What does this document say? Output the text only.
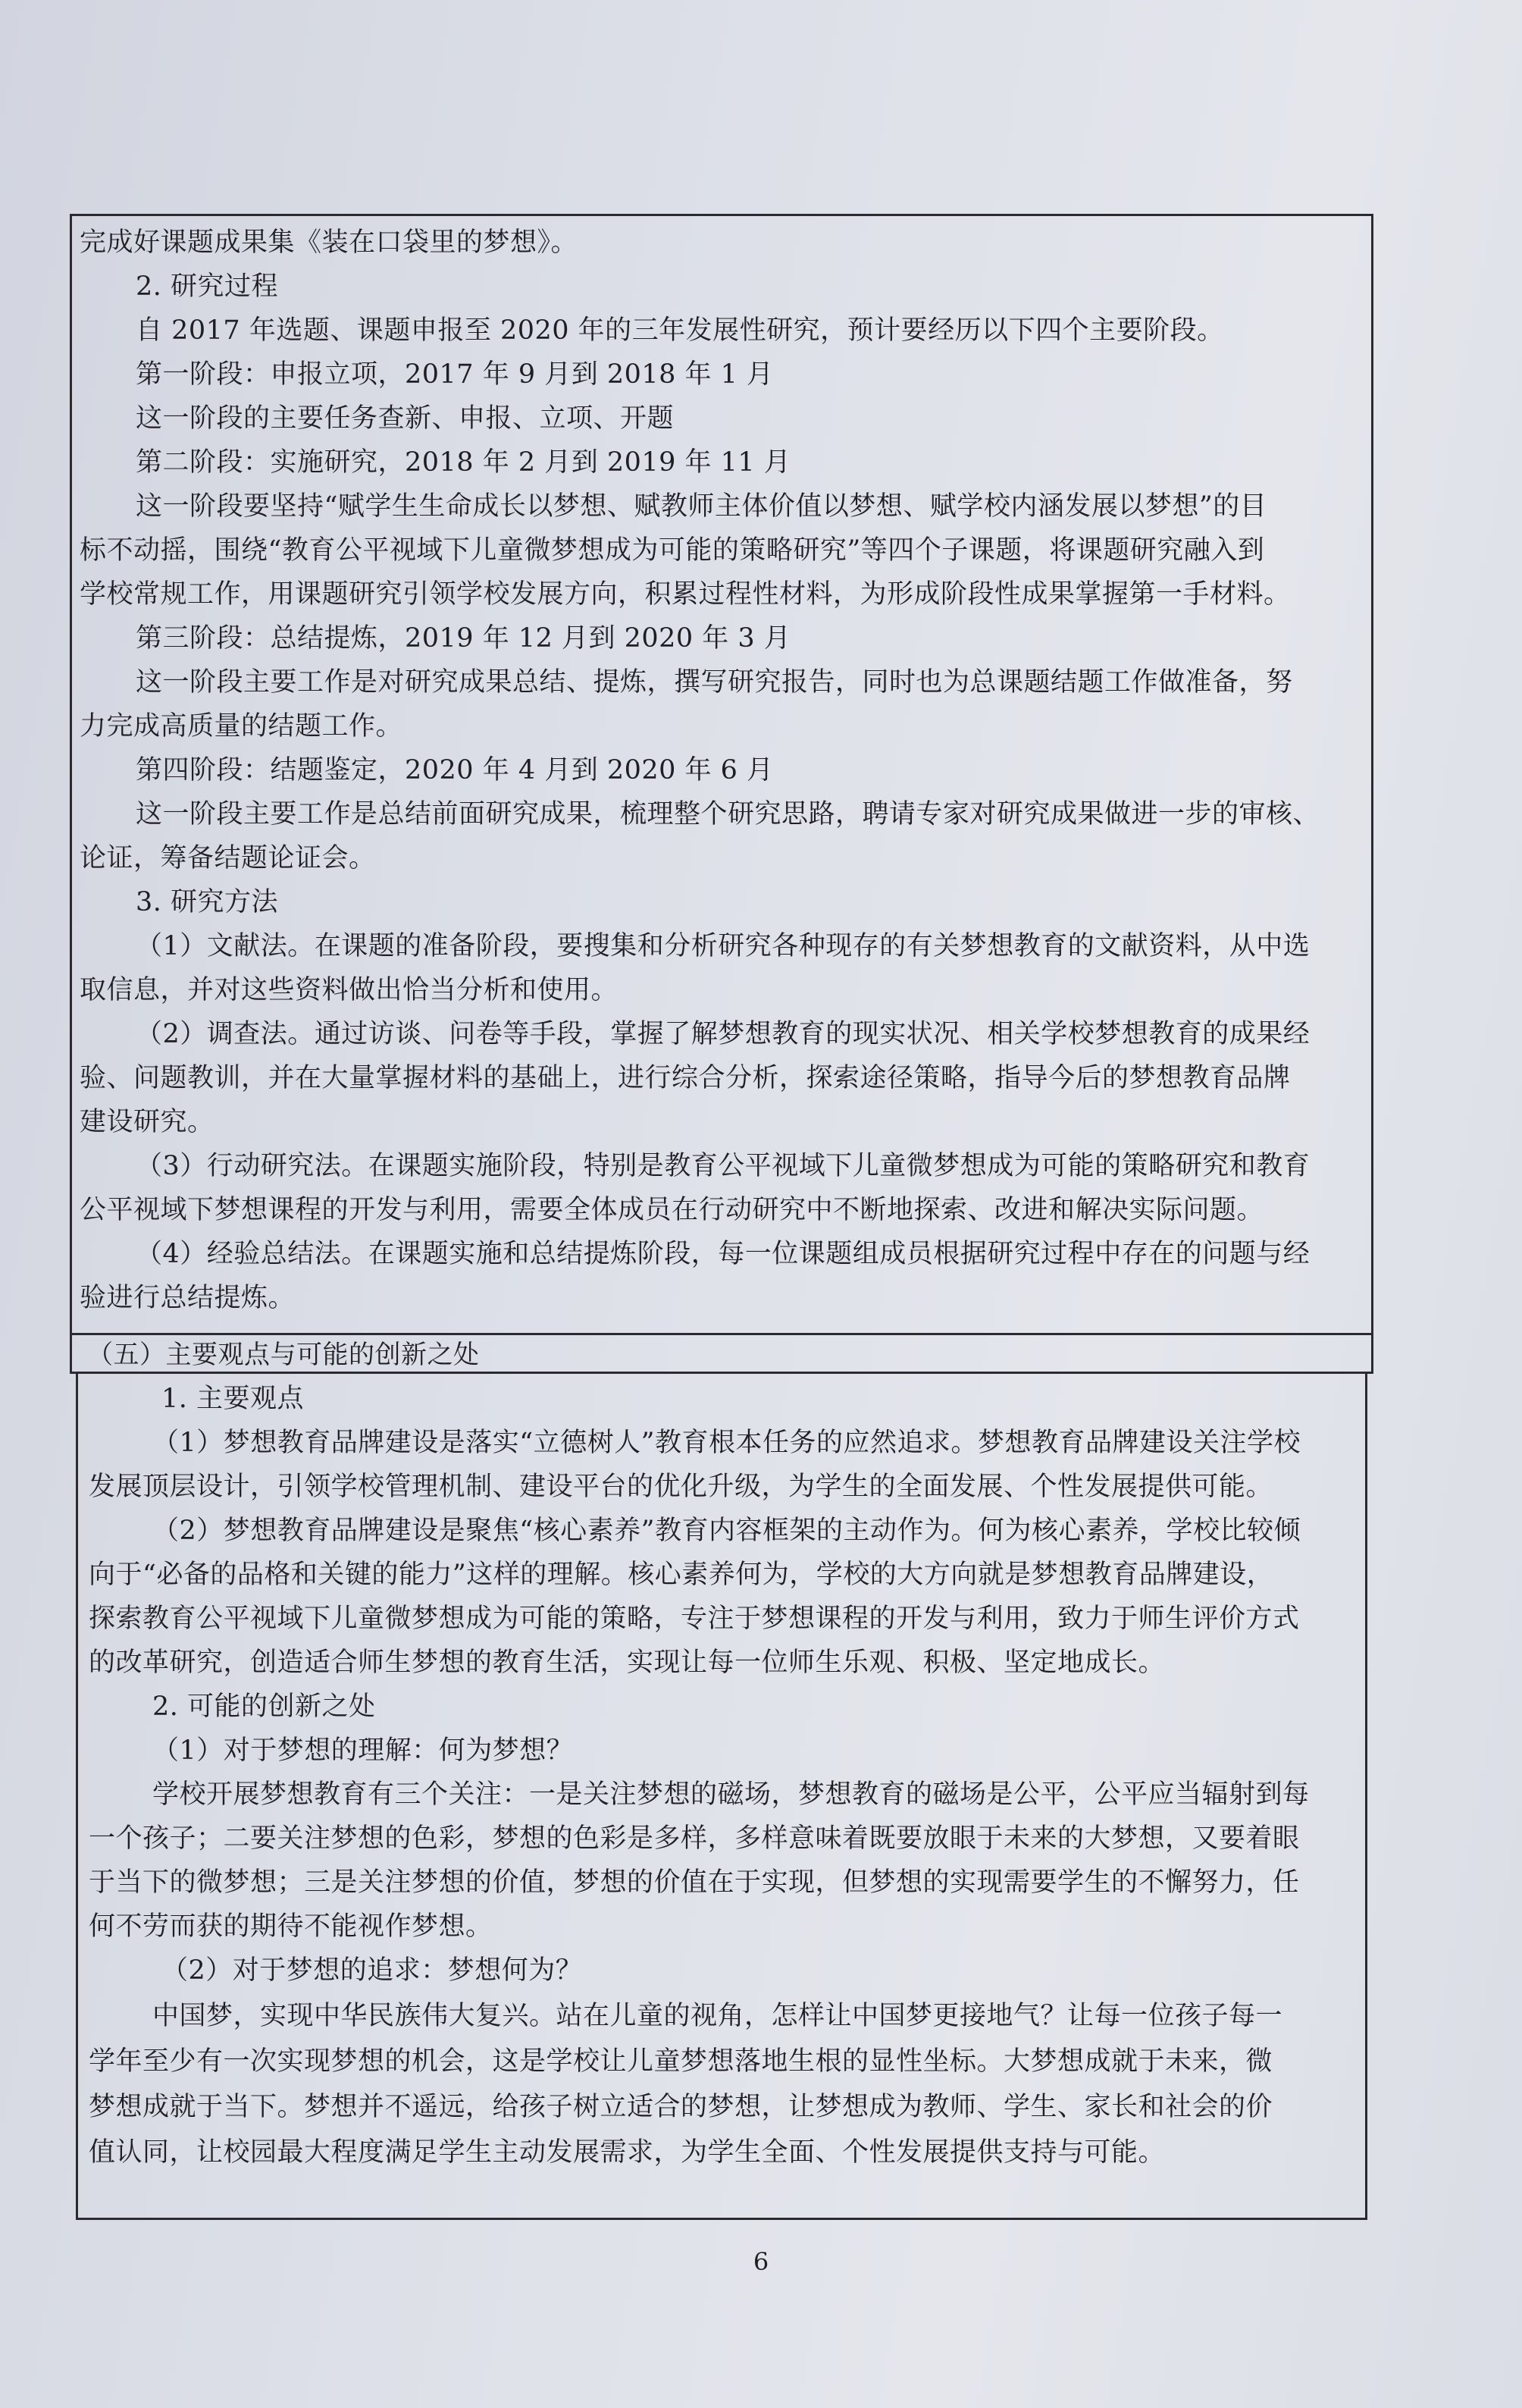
完成好课题成果集《装在口袋里的梦想》。
2. 研究过程
自 2017 年选题、课题申报至 2020 年的三年发展性研究，预计要经历以下四个主要阶段。
第一阶段：申报立项，2017 年 9 月到 2018 年 1 月
这一阶段的主要任务查新、申报、立项、开题
第二阶段：实施研究，2018 年 2 月到 2019 年 11 月
这一阶段要坚持“赋学生生命成长以梦想、赋教师主体价值以梦想、赋学校内涵发展以梦想”的目
标不动摇，围绕“教育公平视域下儿童微梦想成为可能的策略研究”等四个子课题，将课题研究融入到
学校常规工作，用课题研究引领学校发展方向，积累过程性材料，为形成阶段性成果掌握第一手材料。
第三阶段：总结提炼，2019 年 12 月到 2020 年 3 月
这一阶段主要工作是对研究成果总结、提炼，撰写研究报告，同时也为总课题结题工作做准备，努
力完成高质量的结题工作。
第四阶段：结题鉴定，2020 年 4 月到 2020 年 6 月
这一阶段主要工作是总结前面研究成果，梳理整个研究思路，聘请专家对研究成果做进一步的审核、
论证，筹备结题论证会。
3. 研究方法
（1）文献法。在课题的准备阶段，要搜集和分析研究各种现存的有关梦想教育的文献资料，从中选
取信息，并对这些资料做出恰当分析和使用。
（2）调查法。通过访谈、问卷等手段，掌握了解梦想教育的现实状况、相关学校梦想教育的成果经
验、问题教训，并在大量掌握材料的基础上，进行综合分析，探索途径策略，指导今后的梦想教育品牌
建设研究。
（3）行动研究法。在课题实施阶段，特别是教育公平视域下儿童微梦想成为可能的策略研究和教育
公平视域下梦想课程的开发与利用，需要全体成员在行动研究中不断地探索、改进和解决实际问题。
（4）经验总结法。在课题实施和总结提炼阶段，每一位课题组成员根据研究过程中存在的问题与经
验进行总结提炼。
（五）主要观点与可能的创新之处
1. 主要观点
（1）梦想教育品牌建设是落实“立德树人”教育根本任务的应然追求。梦想教育品牌建设关注学校
发展顶层设计，引领学校管理机制、建设平台的优化升级，为学生的全面发展、个性发展提供可能。
（2）梦想教育品牌建设是聚焦“核心素养”教育内容框架的主动作为。何为核心素养，学校比较倾
向于“必备的品格和关键的能力”这样的理解。核心素养何为，学校的大方向就是梦想教育品牌建设，
探索教育公平视域下儿童微梦想成为可能的策略，专注于梦想课程的开发与利用，致力于师生评价方式
的改革研究，创造适合师生梦想的教育生活，实现让每一位师生乐观、积极、坚定地成长。
2. 可能的创新之处
（1）对于梦想的理解：何为梦想？
学校开展梦想教育有三个关注：一是关注梦想的磁场，梦想教育的磁场是公平，公平应当辐射到每
一个孩子；二要关注梦想的色彩，梦想的色彩是多样，多样意味着既要放眼于未来的大梦想，又要着眼
于当下的微梦想；三是关注梦想的价值，梦想的价值在于实现，但梦想的实现需要学生的不懈努力，任
何不劳而获的期待不能视作梦想。
（2）对于梦想的追求：梦想何为？
中国梦，实现中华民族伟大复兴。站在儿童的视角，怎样让中国梦更接地气？让每一位孩子每一
学年至少有一次实现梦想的机会，这是学校让儿童梦想落地生根的显性坐标。大梦想成就于未来，微
梦想成就于当下。梦想并不遥远，给孩子树立适合的梦想，让梦想成为教师、学生、家长和社会的价
值认同，让校园最大程度满足学生主动发展需求，为学生全面、个性发展提供支持与可能。
6
